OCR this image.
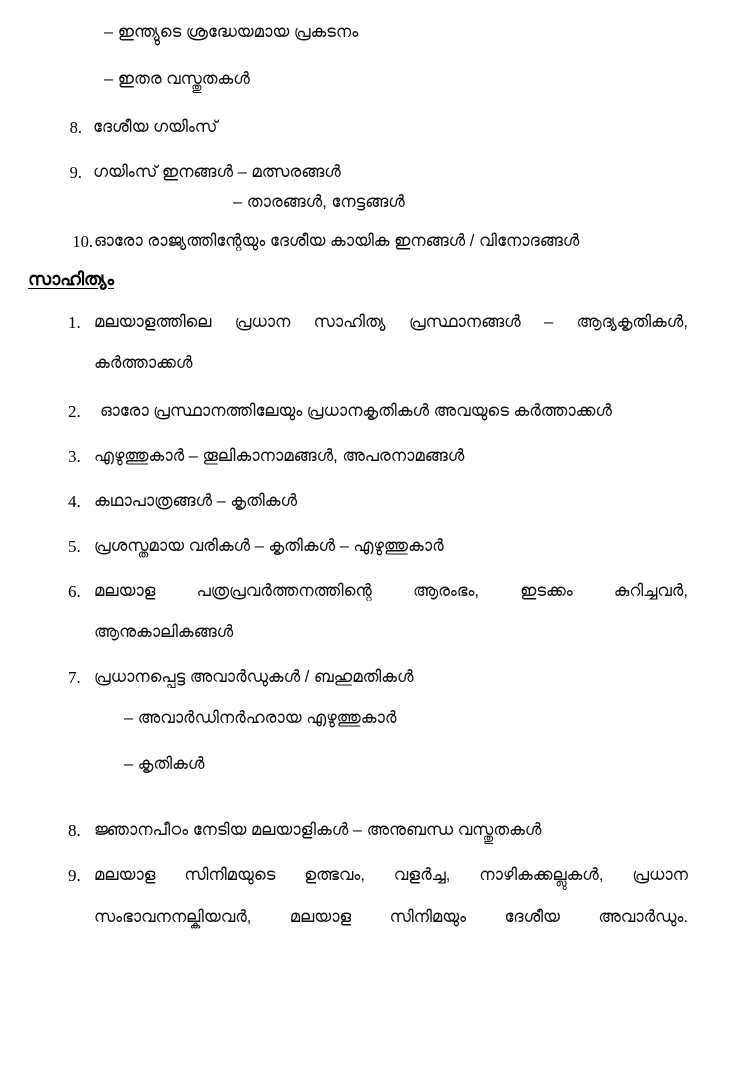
– ഇന്ത്യുടെ ശ്രദ്ധേയമായ പ്രകടനം
– ഇതര വസ്തുതകൾ
8. ദേശീയ ഗയിംസ്
9. ഗയിംസ് ഇനങ്ങൾ – മത്സരങ്ങൾ
– താരങ്ങൾ, നേട്ടങ്ങൾ
10. ഓരോ രാജ്യത്തിന്റേയും ദേശീയ കായിക ഇനങ്ങൾ / വിനോദങ്ങൾ
സാഹിത്യം
1. മലയാളത്തിലെ പ്രധാന സാഹിത്യ പ്രസ്ഥാനങ്ങൾ – ആദ്യകൃതികൾ,
കർത്താക്കൾ
2.	ഓരോ പ്രസ്ഥാനത്തിലേയും പ്രധാനകൃതികൾ അവയുടെ കർത്താക്കൾ
3. എഴുത്തുകാർ – തൂലികാനാമങ്ങൾ, അപരനാമങ്ങൾ
4. കഥാപാത്രങ്ങൾ – കൃതികൾ
5. പ്രശസ്തമായ വരികൾ – കൃതികൾ – എഴുത്തുകാർ
6. മലയാള പത്രപ്രവർത്തനത്തിന്റെ ആരംഭം, ഇടക്കം കുറിച്ചവർ,
ആനുകാലികങ്ങൾ
7. പ്രധാനപ്പെട്ട അവാർഡുകൾ / ബഹുമതികൾ
– അവാർഡിനർഹരായ എഴുത്തുകാർ
– കൃതികൾ
8. ജ്ഞാനപീഠം നേടിയ മലയാളികൾ – അനുബന്ധ വസ്തുതകൾ
9. മലയാള സിനിമയുടെ ഉത്ഭവം, വളർച്ച, നാഴികക്കല്ലുകൾ, പ്രധാന
സംഭാവനനല്കിയവർ, മലയാള സിനിമയും ദേശീയ അവാർഡും.
